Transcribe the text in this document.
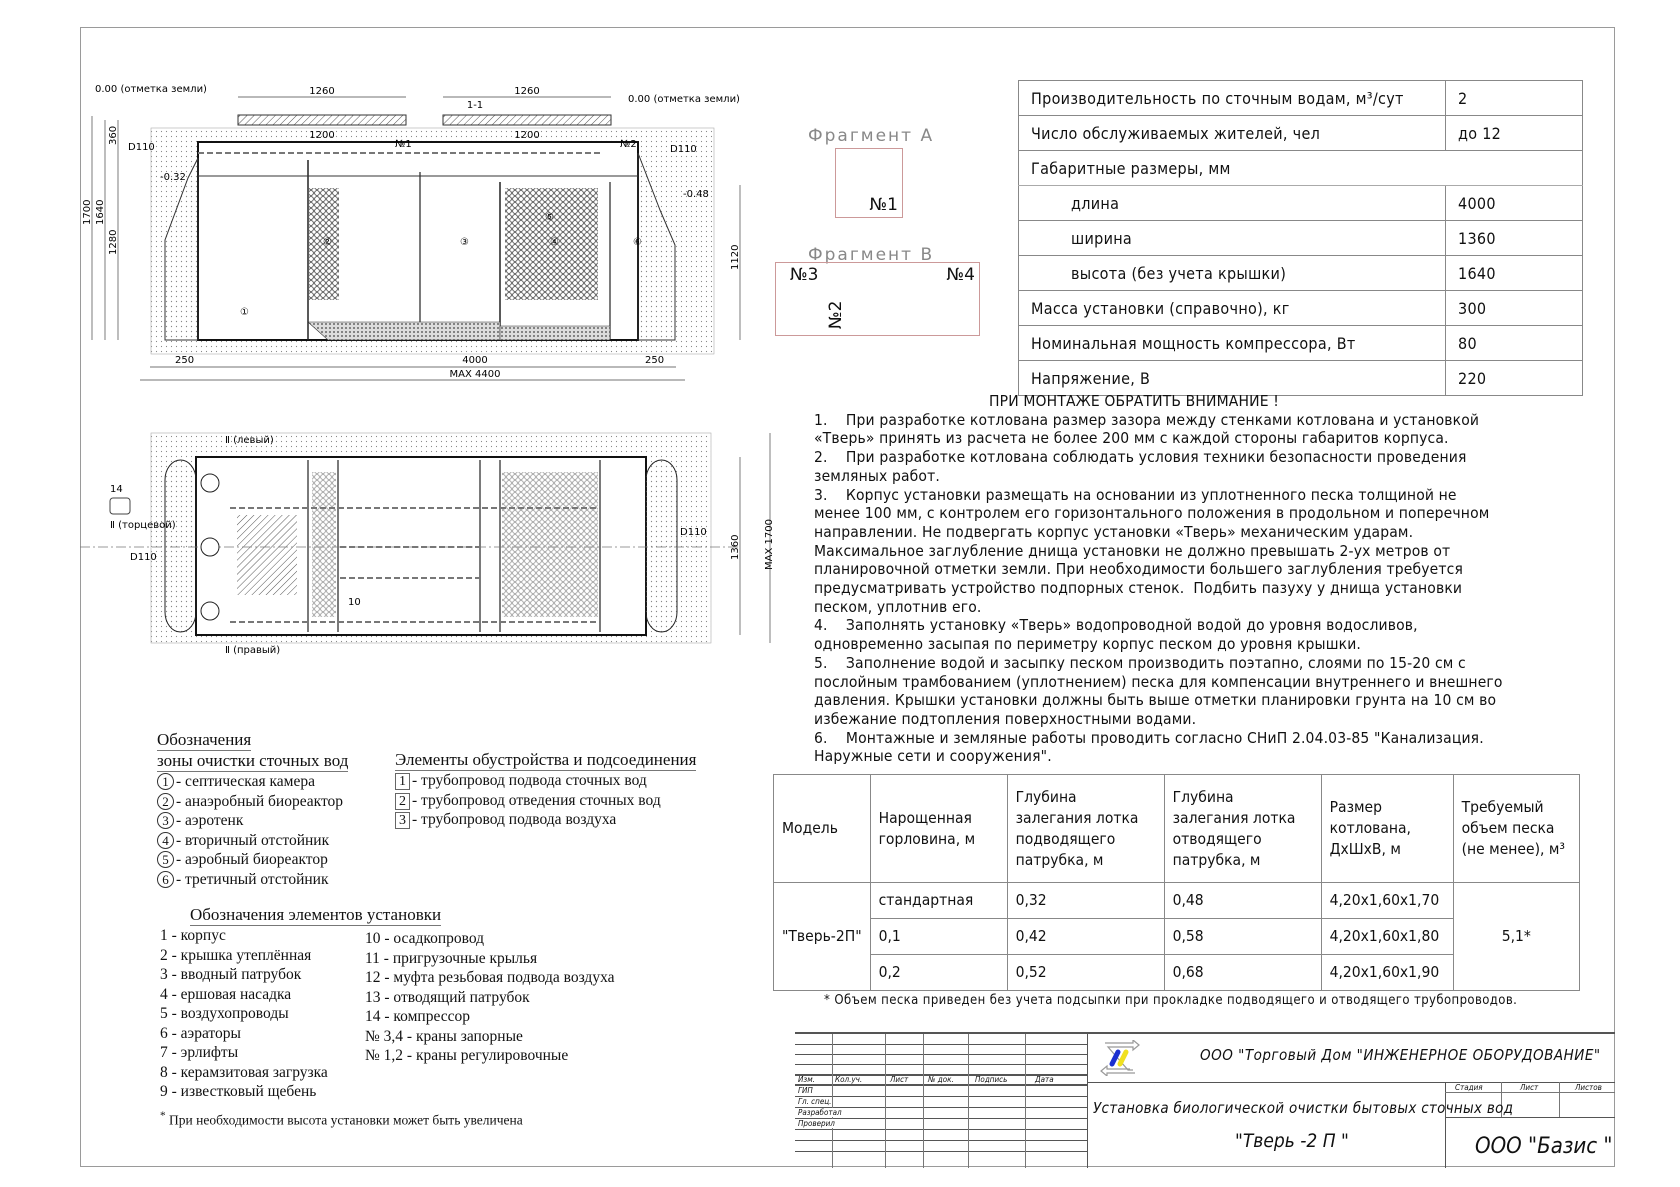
1-1
1260
1200
1260
1200
0.00 (отметка земли)
0.00 (отметка земли)
-0.32
-0.48
D110	D110
4000
MAX 4400
250	250
1700 1640
1280
360
1120
①
②	③	④
⑤
⑥
№1	№2
Ⅱ (левый)
Ⅱ (торцевой)
Ⅱ (правый)
D110
D110
14
10
1360 MAX 1700
Фрагмент А
№1
Фрагмент В
№3	№4
№2
Производительность по сточным водам, м³/сут	2
Число обслуживаемых жителей, чел	до 12
Габаритные размеры, мм	
длина	4000
ширина	1360
высота (без учета крышки)	1640
Масса установки (справочно), кг	300
Номинальная мощность компрессора, Вт	80
Напряжение, В	220
ПРИ МОНТАЖЕ ОБРАТИТЬ ВНИМАНИЕ !
1.    При разработке котлована размер зазора между стенками котлована и установкой
«Тверь» принять из расчета не более 200 мм с каждой стороны габаритов корпуса.
2.    При разработке котлована соблюдать условия техники безопасности проведения
земляных работ.
3.    Корпус установки размещать на основании из уплотненного песка толщиной не
менее 100 мм, с контролем его горизонтального положения в продольном и поперечном
направлении. Не подвергать корпус установки «Тверь» механическим ударам.
Максимальное заглубление днища установки не должно превышать 2-ух метров от
планировочной отметки земли. При необходимости большего заглубления требуется
предусматривать устройство подпорных стенок.  Подбить пазуху у днища установки
песком, уплотнив его.
4.    Заполнять установку «Тверь» водопроводной водой до уровня водосливов,
одновременно засыпая по периметру корпус песком до уровня крышки.
5.    Заполнение водой и засыпку песком производить поэтапно, слоями по 15-20 см с
послойным трамбованием (уплотнением) песка для компенсации внутреннего и внешнего
давления. Крышки установки должны быть выше отметки планировки грунта на 10 см во
избежание подтопления поверхностными водами.
6.    Монтажные и земляные работы проводить согласно СНиП 2.04.03-85 "Канализация.
Наружные сети и сооружения".
Модель	Нарощенная горловина, м	Глубина залегания лотка подводящего патрубка, м	Глубина залегания лотка отводящего патрубка, м	Размер котлована, ДхШхВ, м	Требуемый объем песка (не менее), м³
"Тверь-2П"	стандартная	0,32	0,48	4,20x1,60x1,70	5,1*
	0,1	0,42	0,58	4,20x1,60x1,80	
	0,2	0,52	0,68	4,20x1,60x1,90	
* Объем песка приведен без учета подсыпки при прокладке подводящего и отводящего трубопроводов.
Обозначения
зоны очистки сточных вод
1 - септическая камера
2 - анаэробный биореактор
3 - аэротенк
4 - вторичный отстойник
5 - аэробный биореактор
6 - третичный отстойник
Элементы обустройства и подсоединения
1 - трубопровод подвода сточных вод
2 - трубопровод отведения сточных вод
3 - трубопровод подвода воздуха
Обозначения элементов установки
1 - корпус
2 - крышка утеплённая
3 - вводный патрубок
4 - ершовая насадка
5 - воздухопроводы
6 - аэраторы
7 - эрлифты
8 - керамзитовая загрузка
9 - известковый щебень
10 - осадкопровод
11 - пригрузочные крылья
12 - муфта резьбовая подвода воздуха
13 - отводящий патрубок
14 - компрессор
№ 3,4 - краны запорные
№ 1,2 - краны регулировочные
* При необходимости высота установки может быть увеличена
Изм.	Кол.уч.	Лист № док.	Подпись	Дата
ГИП
Гл. спец.
Разработал
Проверил
ООО "Торговый Дом "ИНЖЕНЕРНОЕ ОБОРУДОВАНИЕ"
Стадия	Лист	Листов
Установка биологической очистки бытовых сточных вод
"Тверь -2 П "	ООО "Базис "
